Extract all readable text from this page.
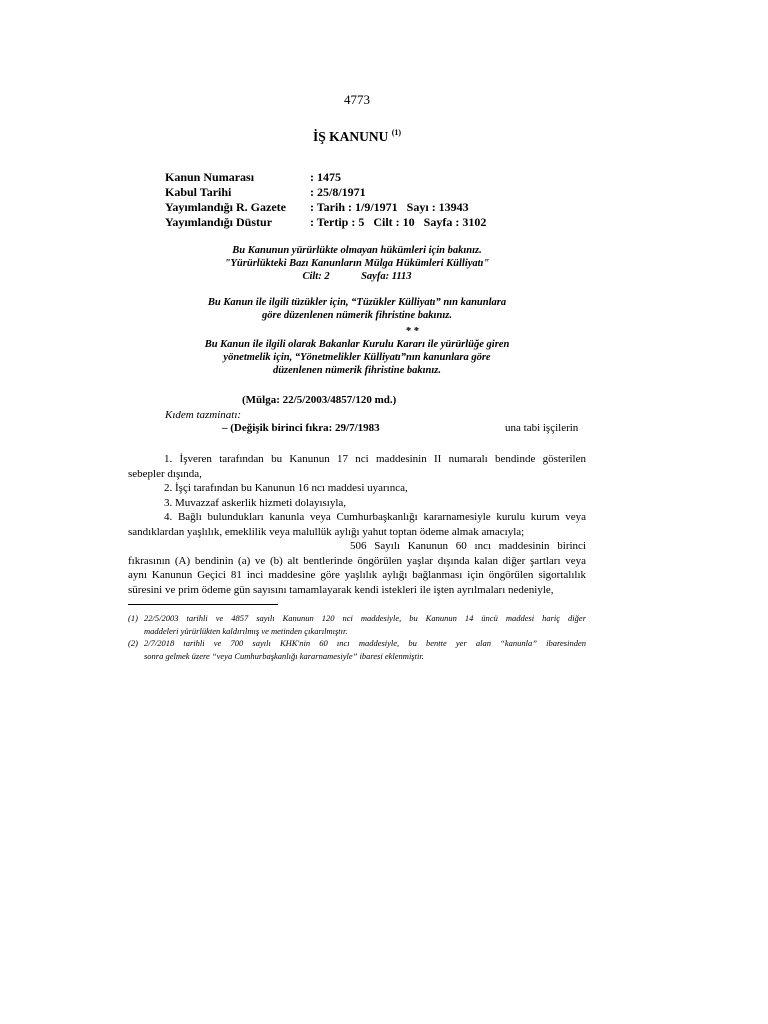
4773
İŞ KANUNU $^{(1)}$
Kanun Numarası	: 1475
Kabul Tarihi	: 25/8/1971
Yayımlandığı R. Gazete	: Tarih : 1/9/1971   Sayı : 13943
Yayımlandığı Düstur	: Tertip : 5   Cilt : 10   Sayfa : 3102
Bu Kanunun yürürlükte olmayan hükümleri için bakınız.
"Yürürlükteki Bazı Kanunların Mülga Hükümleri Külliyatı"
Cilt: 2            Sayfa: 1113
Bu Kanun ile ilgili tüzükler için, “Tüzükler Külliyatı” nın kanunlara
göre düzenlenen nümerik fihristine bakınız.
* *
Bu Kanun ile ilgili olarak Bakanlar Kurulu Kararı ile yürürlüğe giren
yönetmelik için, “Yönetmelikler Külliyatı”nın kanunlara göre
düzenlenen nümerik fihristine bakınız.
(Mülga: 22/5/2003/4857/120 md.)
Kıdem tazminatı:
– (Değişik birinci fıkra: 29/7/1983	una tabi işçilerin

1. İşveren tarafından bu Kanunun 17 nci maddesinin II numaralı bendinde gösterilen

sebepler dışında,

2. İşçi tarafından bu Kanunun 16 ncı maddesi uyarınca,

3. Muvazzaf askerlik hizmeti dolayısıyla,

4. Bağlı bulundukları kanunla veya Cumhurbaşkanlığı kararnamesiyle kurulu kurum veya

sandıklardan yaşlılık, emeklilik veya malullük aylığı yahut toptan ödeme almak amacıyla;

506 Sayılı Kanunun 60 ıncı maddesinin birinci

fıkrasının (A) bendinin (a) ve (b) alt bentlerinde öngörülen yaşlar dışında kalan diğer şartları veya

aynı Kanunun Geçici 81 inci maddesine göre yaşlılık aylığı bağlanması için öngörülen sigortalılık

süresini ve prim ödeme gün sayısını tamamlayarak kendi istekleri ile işten ayrılmaları nedeniyle,

(1) 22/5/2003 tarihli ve 4857 sayılı Kanunun 120 nci maddesiyle, bu Kanunun 14 üncü maddesi hariç diğer
maddeleri yürürlükten kaldırılmış ve metinden çıkarılmıştır.
(2) 2/7/2018 tarihli ve 700 sayılı KHK'nin 60 ıncı maddesiyle, bu bentte yer alan “kanunla” ibaresinden
sonra gelmek üzere “veya Cumhurbaşkanlığı kararnamesiyle” ibaresi eklenmiştir.
